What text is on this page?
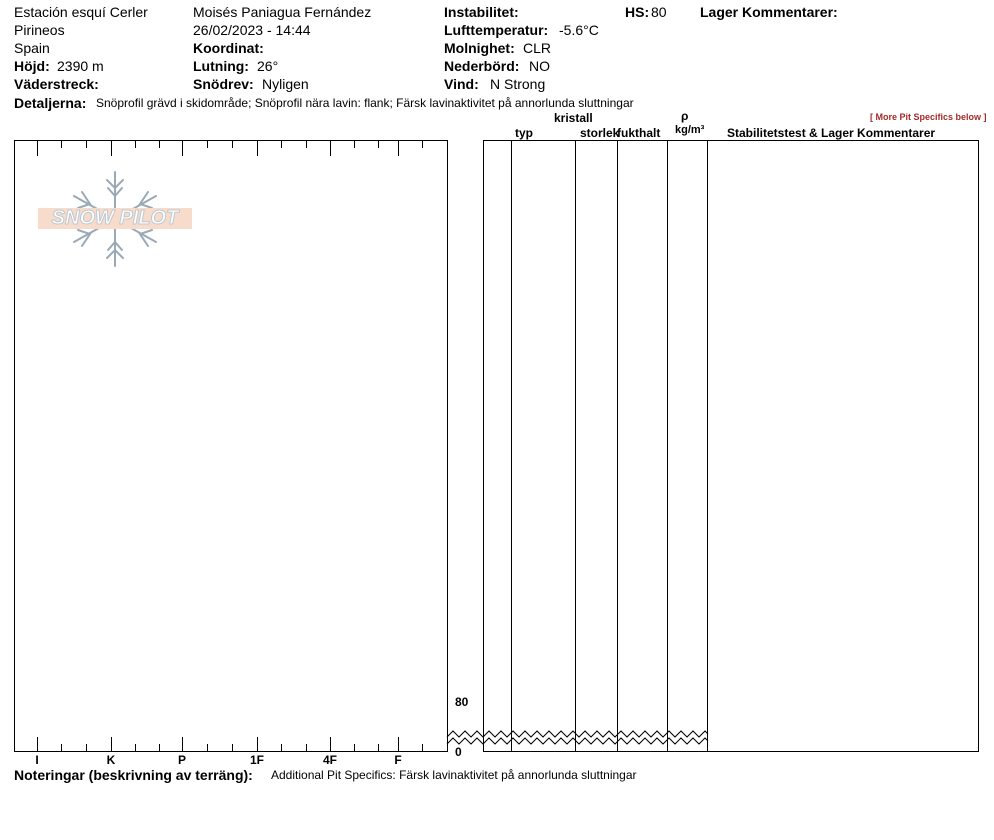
Estación esquí Cerler
Pirineos
Spain
Höjd: 2390 m
Väderstreck:
Moisés Paniagua Fernández
26/02/2023 - 14:44
Koordinat:
Lutning: 26°
Snödrev: Nyligen
Instabilitet:
Lufttemperatur: -5.6°C
Molnighet: CLR
Nederbörd: NO
Vind: N Strong
HS: 80 Lager Kommentarer:
Detaljerna: Snöprofil grävd i skidområde; Snöprofil nära lavin: flank; Färsk lavinaktivitet på annorlunda sluttningar
typ
kristall
storlek
fukthalt
ρ
kg/m³ Stabilitetstest & Lager Kommentarer
[ More Pit Specifics below ]
SNOW PILOT
80
0
I	K	P	1F	4F	F
Noteringar (beskrivning av terräng): Additional Pit Specifics: Färsk lavinaktivitet på annorlunda sluttningar
